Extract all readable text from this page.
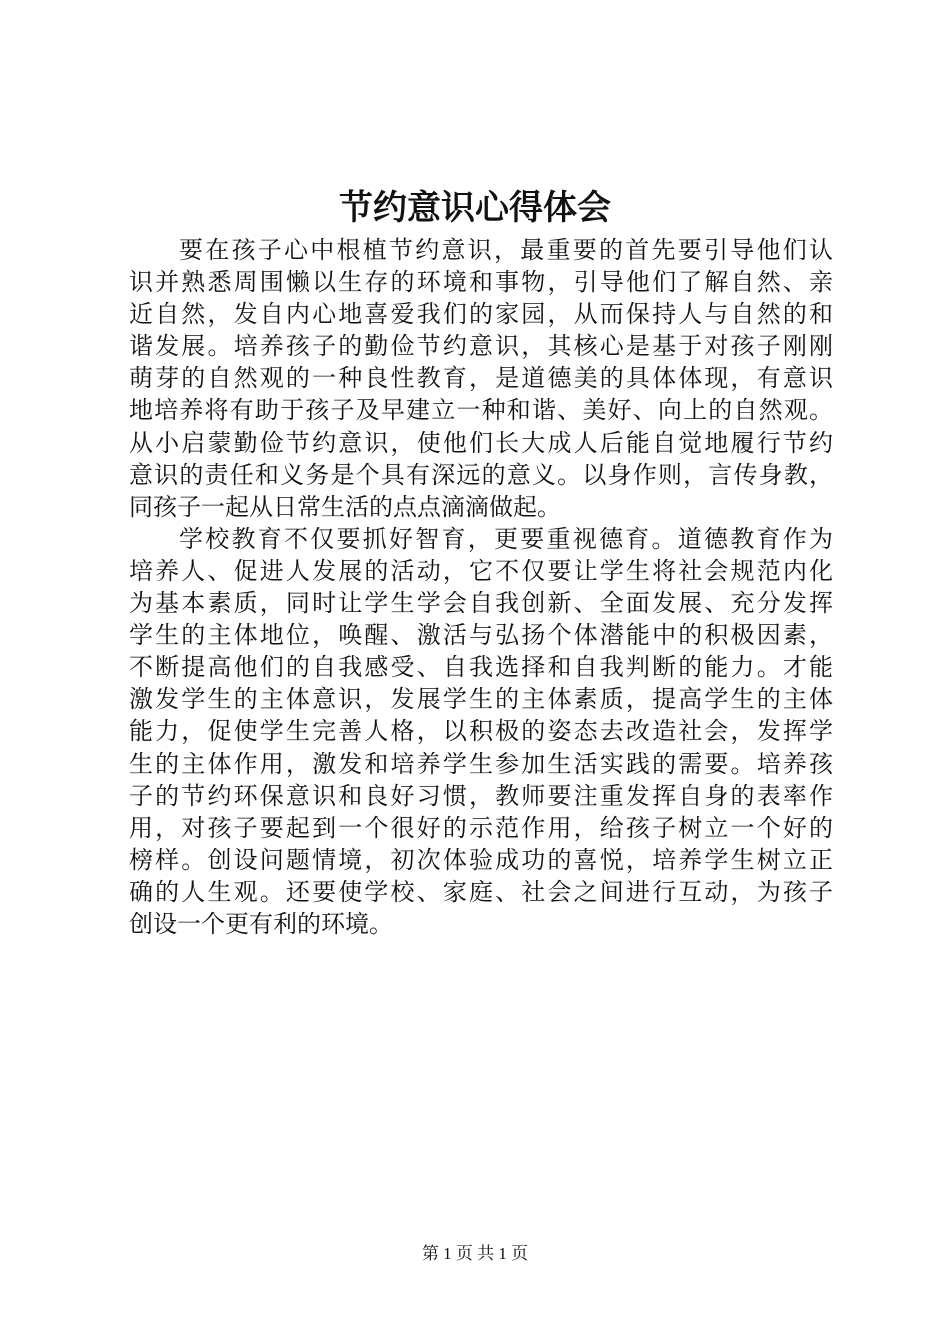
节约意识心得体会
要在孩子心中根植节约意识，最重要的首先要引导他们认
识并熟悉周围懒以生存的环境和事物，引导他们了解自然、亲
近自然，发自内心地喜爱我们的家园，从而保持人与自然的和
谐发展。培养孩子的勤俭节约意识，其核心是基于对孩子刚刚
萌芽的自然观的一种良性教育，是道德美的具体体现，有意识
地培养将有助于孩子及早建立一种和谐、美好、向上的自然观。
从小启蒙勤俭节约意识，使他们长大成人后能自觉地履行节约
意识的责任和义务是个具有深远的意义。以身作则，言传身教，
同孩子一起从日常生活的点点滴滴做起。
学校教育不仅要抓好智育，更要重视德育。道德教育作为
培养人、促进人发展的活动，它不仅要让学生将社会规范内化
为基本素质，同时让学生学会自我创新、全面发展、充分发挥
学生的主体地位，唤醒、激活与弘扬个体潜能中的积极因素，
不断提高他们的自我感受、自我选择和自我判断的能力。才能
激发学生的主体意识，发展学生的主体素质，提高学生的主体
能力，促使学生完善人格，以积极的姿态去改造社会，发挥学
生的主体作用，激发和培养学生参加生活实践的需要。培养孩
子的节约环保意识和良好习惯，教师要注重发挥自身的表率作
用，对孩子要起到一个很好的示范作用，给孩子树立一个好的
榜样。创设问题情境，初次体验成功的喜悦，培养学生树立正
确的人生观。还要使学校、家庭、社会之间进行互动，为孩子
创设一个更有利的环境。
第 1 页 共 1 页
